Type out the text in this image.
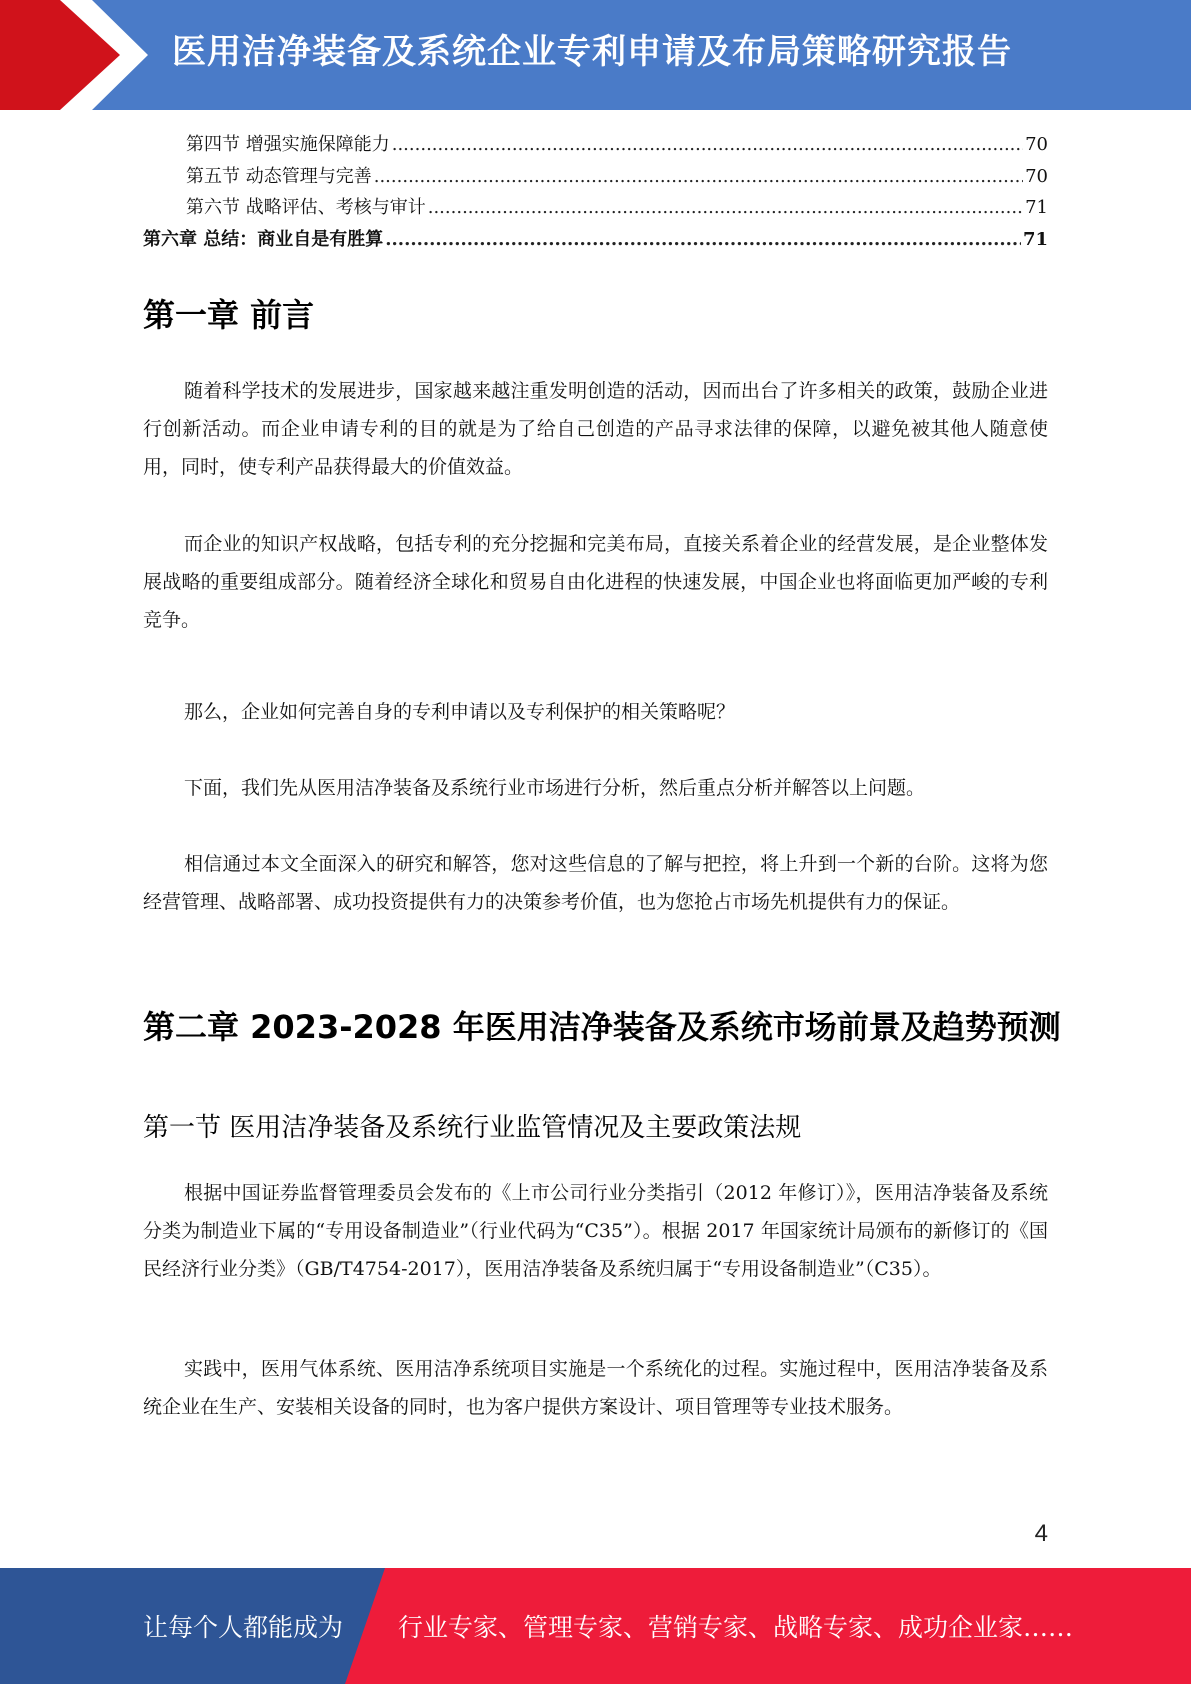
医用洁净装备及系统企业专利申请及布局策略研究报告
第四节 增强实施保障能力 .....	70
第五节 动态管理与完善 .....	70
第六节 战略评估、考核与审计 .....	71
第六章 总结：商业自是有胜算 .....	71
第一章 前言

随着科学技术的发展进步，国家越来越注重发明创造的活动，因而出台了许多相关的政策，鼓励企业进行创新活动。而企业申请专利的目的就是为了给自己创造的产品寻求法律的保障，以避免被其他人随意使用，同时，使专利产品获得最大的价值效益。

而企业的知识产权战略，包括专利的充分挖掘和完美布局，直接关系着企业的经营发展，是企业整体发展战略的重要组成部分。随着经济全球化和贸易自由化进程的快速发展，中国企业也将面临更加严峻的专利竞争。

那么，企业如何完善自身的专利申请以及专利保护的相关策略呢？

下面，我们先从医用洁净装备及系统行业市场进行分析，然后重点分析并解答以上问题。

相信通过本文全面深入的研究和解答，您对这些信息的了解与把控，将上升到一个新的台阶。这将为您经营管理、战略部署、成功投资提供有力的决策参考价值，也为您抢占市场先机提供有力的保证。

第二章 2023-2028 年医用洁净装备及系统市场前景及趋势预测
第一节 医用洁净装备及系统行业监管情况及主要政策法规

根据中国证券监督管理委员会发布的《上市公司行业分类指引（2012 年修订）》，医用洁净装备及系统分类为制造业下属的“专用设备制造业”（行业代码为“C35”）。根据 2017 年国家统计局颁布的新修订的《国民经济行业分类》（GB/T4754-2017），医用洁净装备及系统归属于“专用设备制造业”（C35）。

实践中，医用气体系统、医用洁净系统项目实施是一个系统化的过程。实施过程中，医用洁净装备及系统企业在生产、安装相关设备的同时，也为客户提供方案设计、项目管理等专业技术服务。

4
让每个人都能成为 行业专家、管理专家、营销专家、战略专家、成功企业家……
